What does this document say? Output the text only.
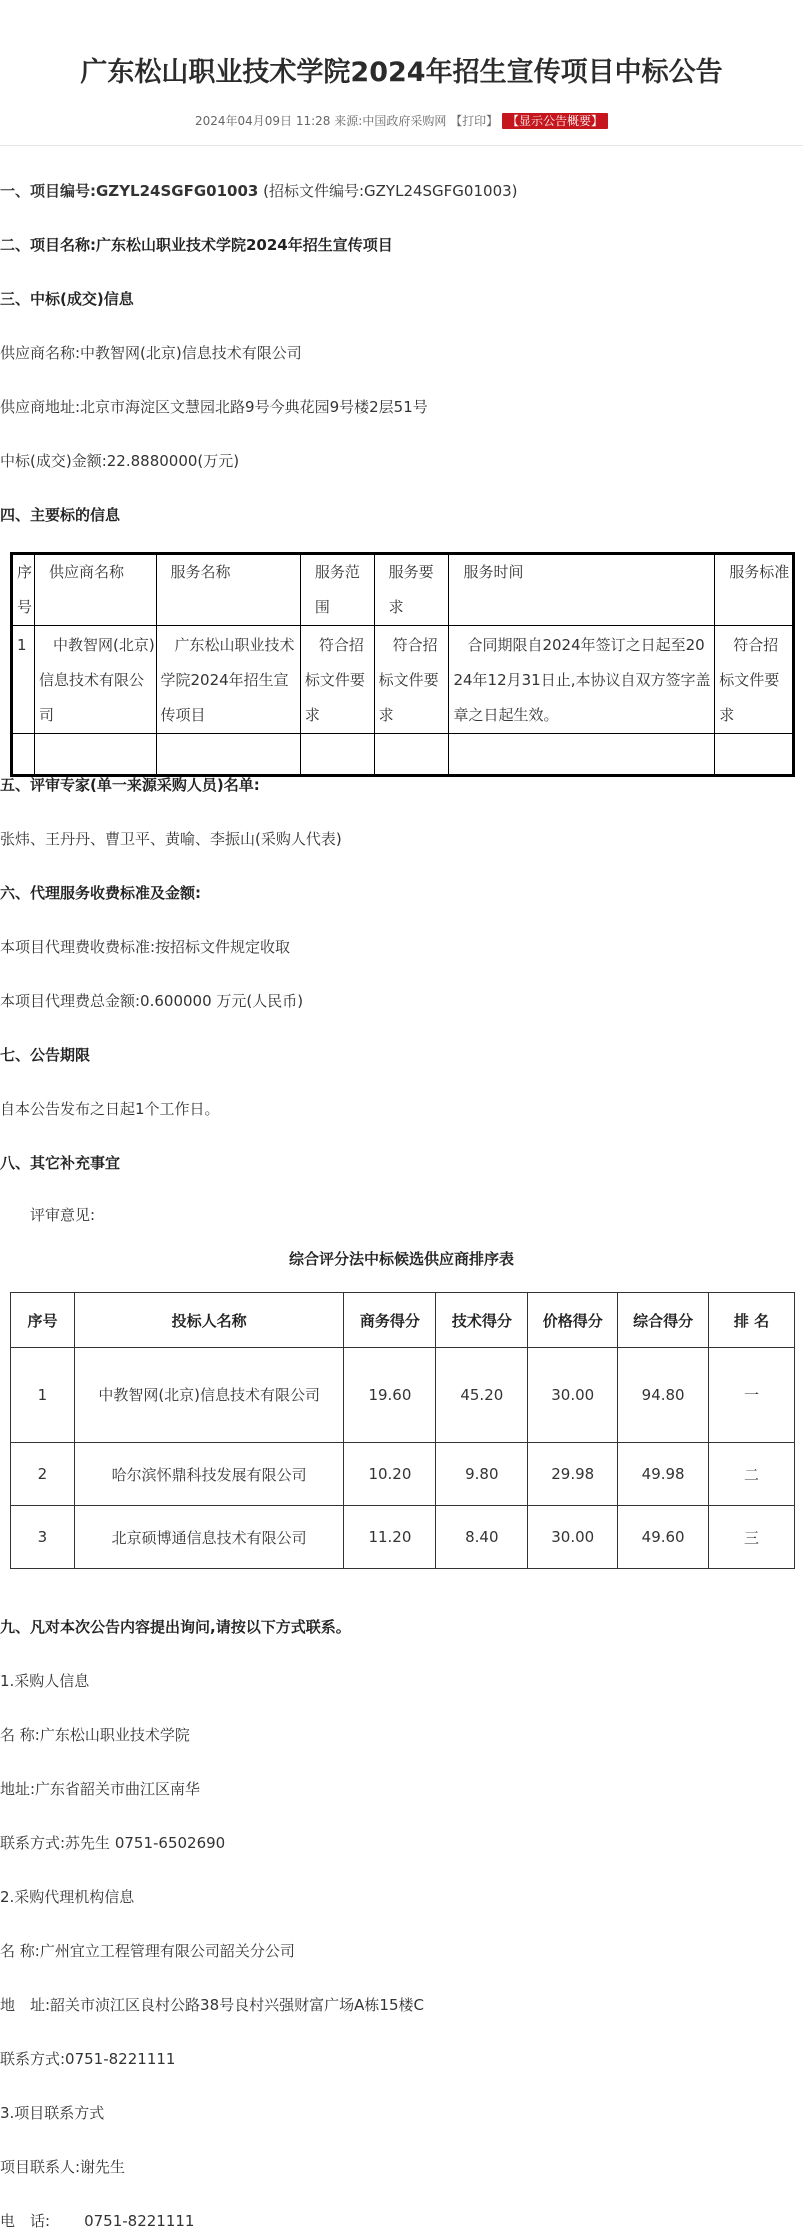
广东松山职业技术学院2024年招生宣传项目中标公告
2024年04月09日 11:28 来源:中国政府采购网 【打印】 【显示公告概要】
一、项目编号:GZYL24SGFG01003 (招标文件编号:GZYL24SGFG01003)
二、项目名称:广东松山职业技术学院2024年招生宣传项目
三、中标(成交)信息
供应商名称:中教智网(北京)信息技术有限公司
供应商地址:北京市海淀区文慧园北路9号今典花园9号楼2层51号
中标(成交)金额:22.8880000(万元)
四、主要标的信息
序号	供应商名称	服务名称	服务范围	服务要求	服务时间	服务标准
1	中教智网(北京)信息技术有限公司	广东松山职业技术学院2024年招生宣传项目	符合招标文件要求	符合招标文件要求	合同期限自2024年签订之日起至2024年12月31日止,本协议自双方签字盖章之日起生效。	符合招标文件要求

五、评审专家(单一来源采购人员)名单:
张炜、王丹丹、曹卫平、黄喻、李振山(采购人代表)
六、代理服务收费标准及金额:
本项目代理费收费标准:按招标文件规定收取
本项目代理费总金额:0.600000 万元(人民币)
七、公告期限
自本公告发布之日起1个工作日。
八、其它补充事宜
评审意见:
综合评分法中标候选供应商排序表
序号	投标人名称	商务得分	技术得分	价格得分	综合得分	排 名
1	中教智网(北京)信息技术有限公司	19.60	45.20	30.00	94.80	一
2	哈尔滨怀鼎科技发展有限公司	10.20	9.80	29.98	49.98	二
3	北京硕博通信息技术有限公司	11.20	8.40	30.00	49.60	三
九、凡对本次公告内容提出询问,请按以下方式联系。
1.采购人信息
名 称:广东松山职业技术学院
地址:广东省韶关市曲江区南华
联系方式:苏先生 0751-6502690
2.采购代理机构信息
名 称:广州宜立工程管理有限公司韶关分公司
地　址:韶关市浈江区良村公路38号良村兴强财富广场A栋15楼C
联系方式:0751-8221111
3.项目联系方式
项目联系人:谢先生
电　话: 0751-8221111
